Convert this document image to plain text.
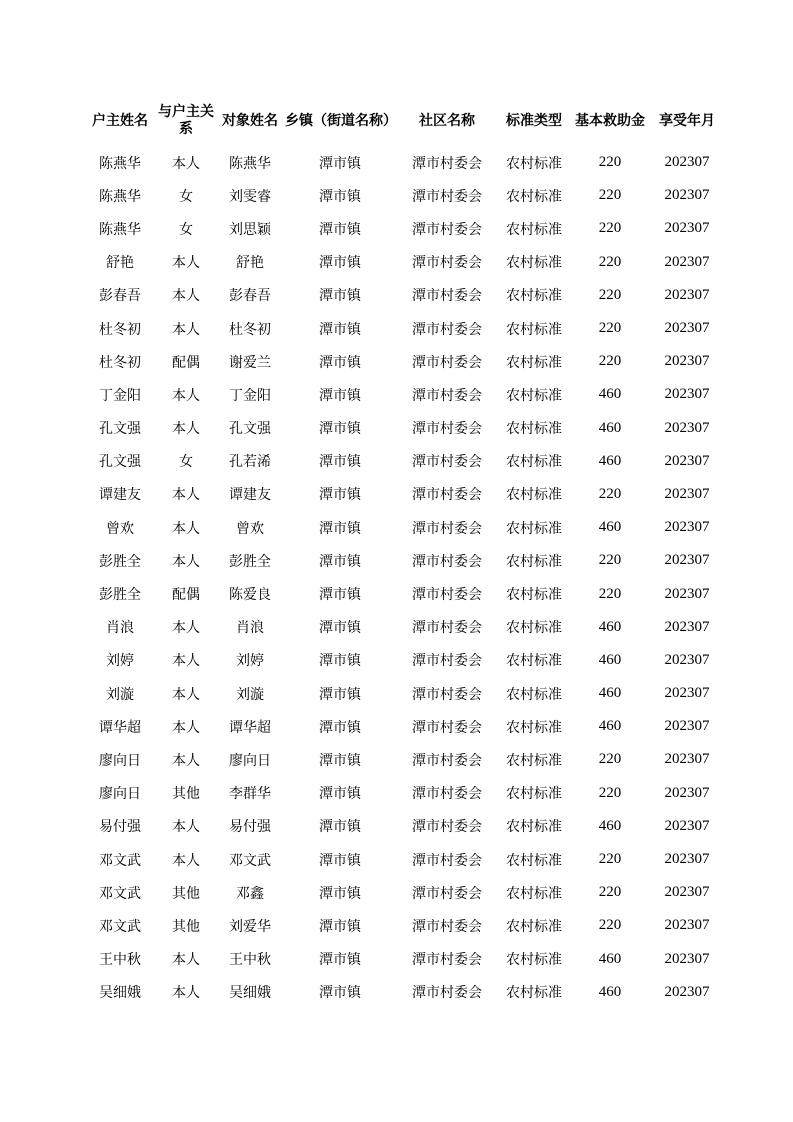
户主姓名	与户主关系	对象姓名	乡镇（街道名称）	社区名称	标准类型	基本救助金	享受年月
陈燕华	本人	陈燕华	潭市镇	潭市村委会	农村标准	220	202307
陈燕华	女	刘雯睿	潭市镇	潭市村委会	农村标准	220	202307
陈燕华	女	刘思颖	潭市镇	潭市村委会	农村标准	220	202307
舒艳	本人	舒艳	潭市镇	潭市村委会	农村标准	220	202307
彭春吾	本人	彭春吾	潭市镇	潭市村委会	农村标准	220	202307
杜冬初	本人	杜冬初	潭市镇	潭市村委会	农村标准	220	202307
杜冬初	配偶	谢爱兰	潭市镇	潭市村委会	农村标准	220	202307
丁金阳	本人	丁金阳	潭市镇	潭市村委会	农村标准	460	202307
孔文强	本人	孔文强	潭市镇	潭市村委会	农村标准	460	202307
孔文强	女	孔若浠	潭市镇	潭市村委会	农村标准	460	202307
谭建友	本人	谭建友	潭市镇	潭市村委会	农村标准	220	202307
曾欢	本人	曾欢	潭市镇	潭市村委会	农村标准	460	202307
彭胜全	本人	彭胜全	潭市镇	潭市村委会	农村标准	220	202307
彭胜全	配偶	陈爱良	潭市镇	潭市村委会	农村标准	220	202307
肖浪	本人	肖浪	潭市镇	潭市村委会	农村标准	460	202307
刘婷	本人	刘婷	潭市镇	潭市村委会	农村标准	460	202307
刘漩	本人	刘漩	潭市镇	潭市村委会	农村标准	460	202307
谭华超	本人	谭华超	潭市镇	潭市村委会	农村标准	460	202307
廖向日	本人	廖向日	潭市镇	潭市村委会	农村标准	220	202307
廖向日	其他	李群华	潭市镇	潭市村委会	农村标准	220	202307
易付强	本人	易付强	潭市镇	潭市村委会	农村标准	460	202307
邓文武	本人	邓文武	潭市镇	潭市村委会	农村标准	220	202307
邓文武	其他	邓鑫	潭市镇	潭市村委会	农村标准	220	202307
邓文武	其他	刘爱华	潭市镇	潭市村委会	农村标准	220	202307
王中秋	本人	王中秋	潭市镇	潭市村委会	农村标准	460	202307
吴细娥	本人	吴细娥	潭市镇	潭市村委会	农村标准	460	202307
